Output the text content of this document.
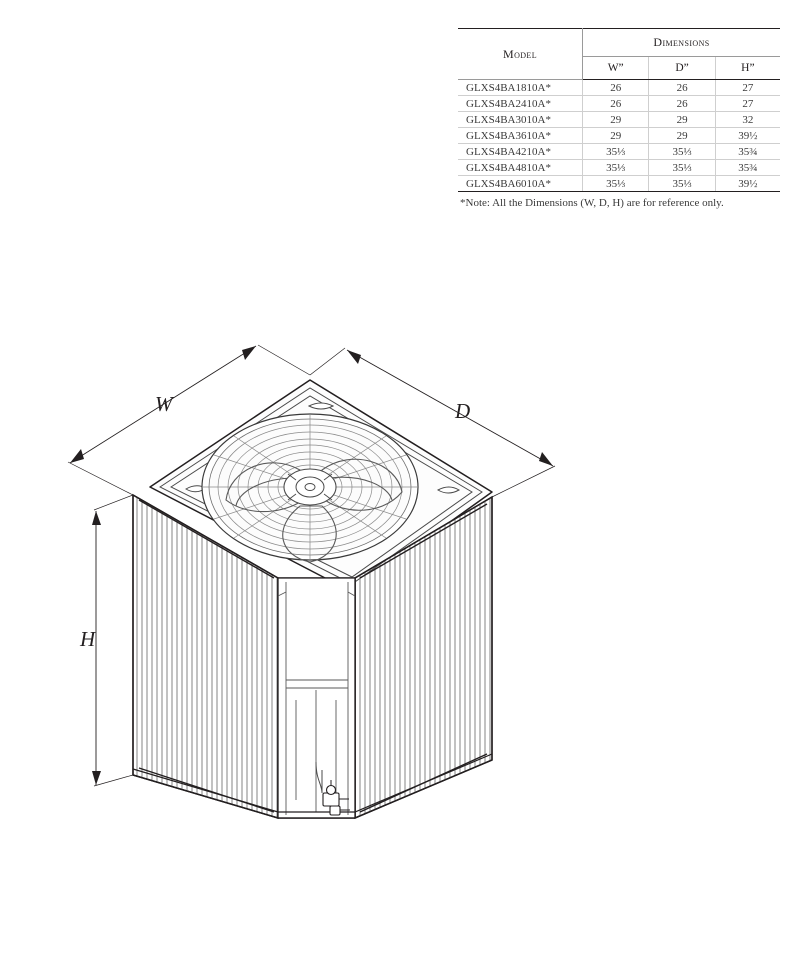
Model	Dimensions		
	W”	D”	H”
GLXS4BA1810A*	26	26	27
GLXS4BA2410A*	26	26	27
GLXS4BA3010A*	29	29	32
GLXS4BA3610A*	29	29	39½
GLXS4BA4210A*	35⅓	35⅓	35¾
GLXS4BA4810A*	35⅓	35⅓	35¾
GLXS4BA6010A*	35⅓	35⅓	39½
*Note: All the Dimensions (W, D, H) are for reference only.
W	D
H
